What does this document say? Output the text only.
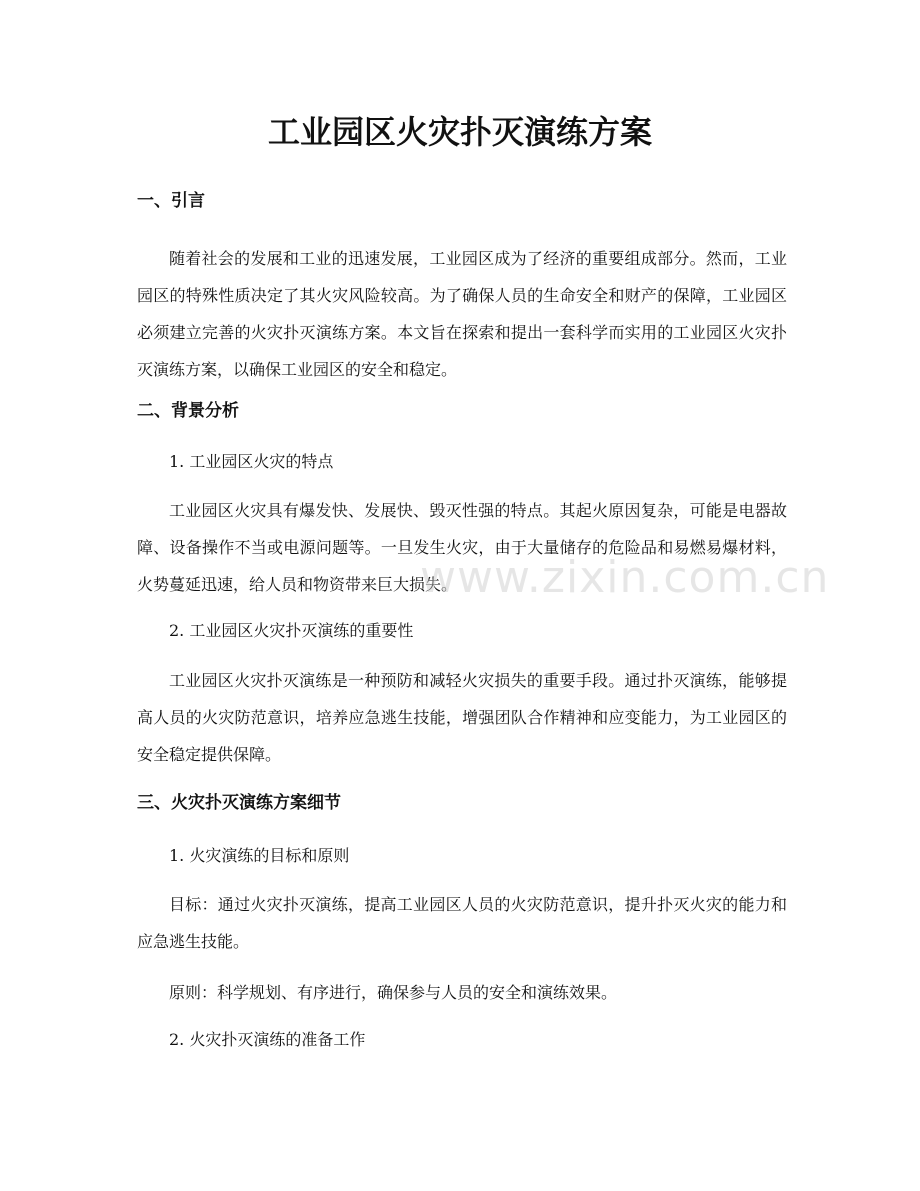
工业园区火灾扑灭演练方案
一、引言

随着社会的发展和工业的迅速发展，工业园区成为了经济的重要组成部分。然而，工业园区的特殊性质决定了其火灾风险较高。为了确保人员的生命安全和财产的保障，工业园区必须建立完善的火灾扑灭演练方案。本文旨在探索和提出一套科学而实用的工业园区火灾扑灭演练方案，以确保工业园区的安全和稳定。

二、背景分析

1. 工业园区火灾的特点

工业园区火灾具有爆发快、发展快、毁灭性强的特点。其起火原因复杂，可能是电器故障、设备操作不当或电源问题等。一旦发生火灾，由于大量储存的危险品和易燃易爆材料，火势蔓延迅速，给人员和物资带来巨大损失。

2. 工业园区火灾扑灭演练的重要性

工业园区火灾扑灭演练是一种预防和减轻火灾损失的重要手段。通过扑灭演练，能够提高人员的火灾防范意识，培养应急逃生技能，增强团队合作精神和应变能力，为工业园区的安全稳定提供保障。

三、火灾扑灭演练方案细节

1. 火灾演练的目标和原则

目标：通过火灾扑灭演练，提高工业园区人员的火灾防范意识，提升扑灭火灾的能力和应急逃生技能。

原则：科学规划、有序进行，确保参与人员的安全和演练效果。

2. 火灾扑灭演练的准备工作

www.zixin.com.cn
